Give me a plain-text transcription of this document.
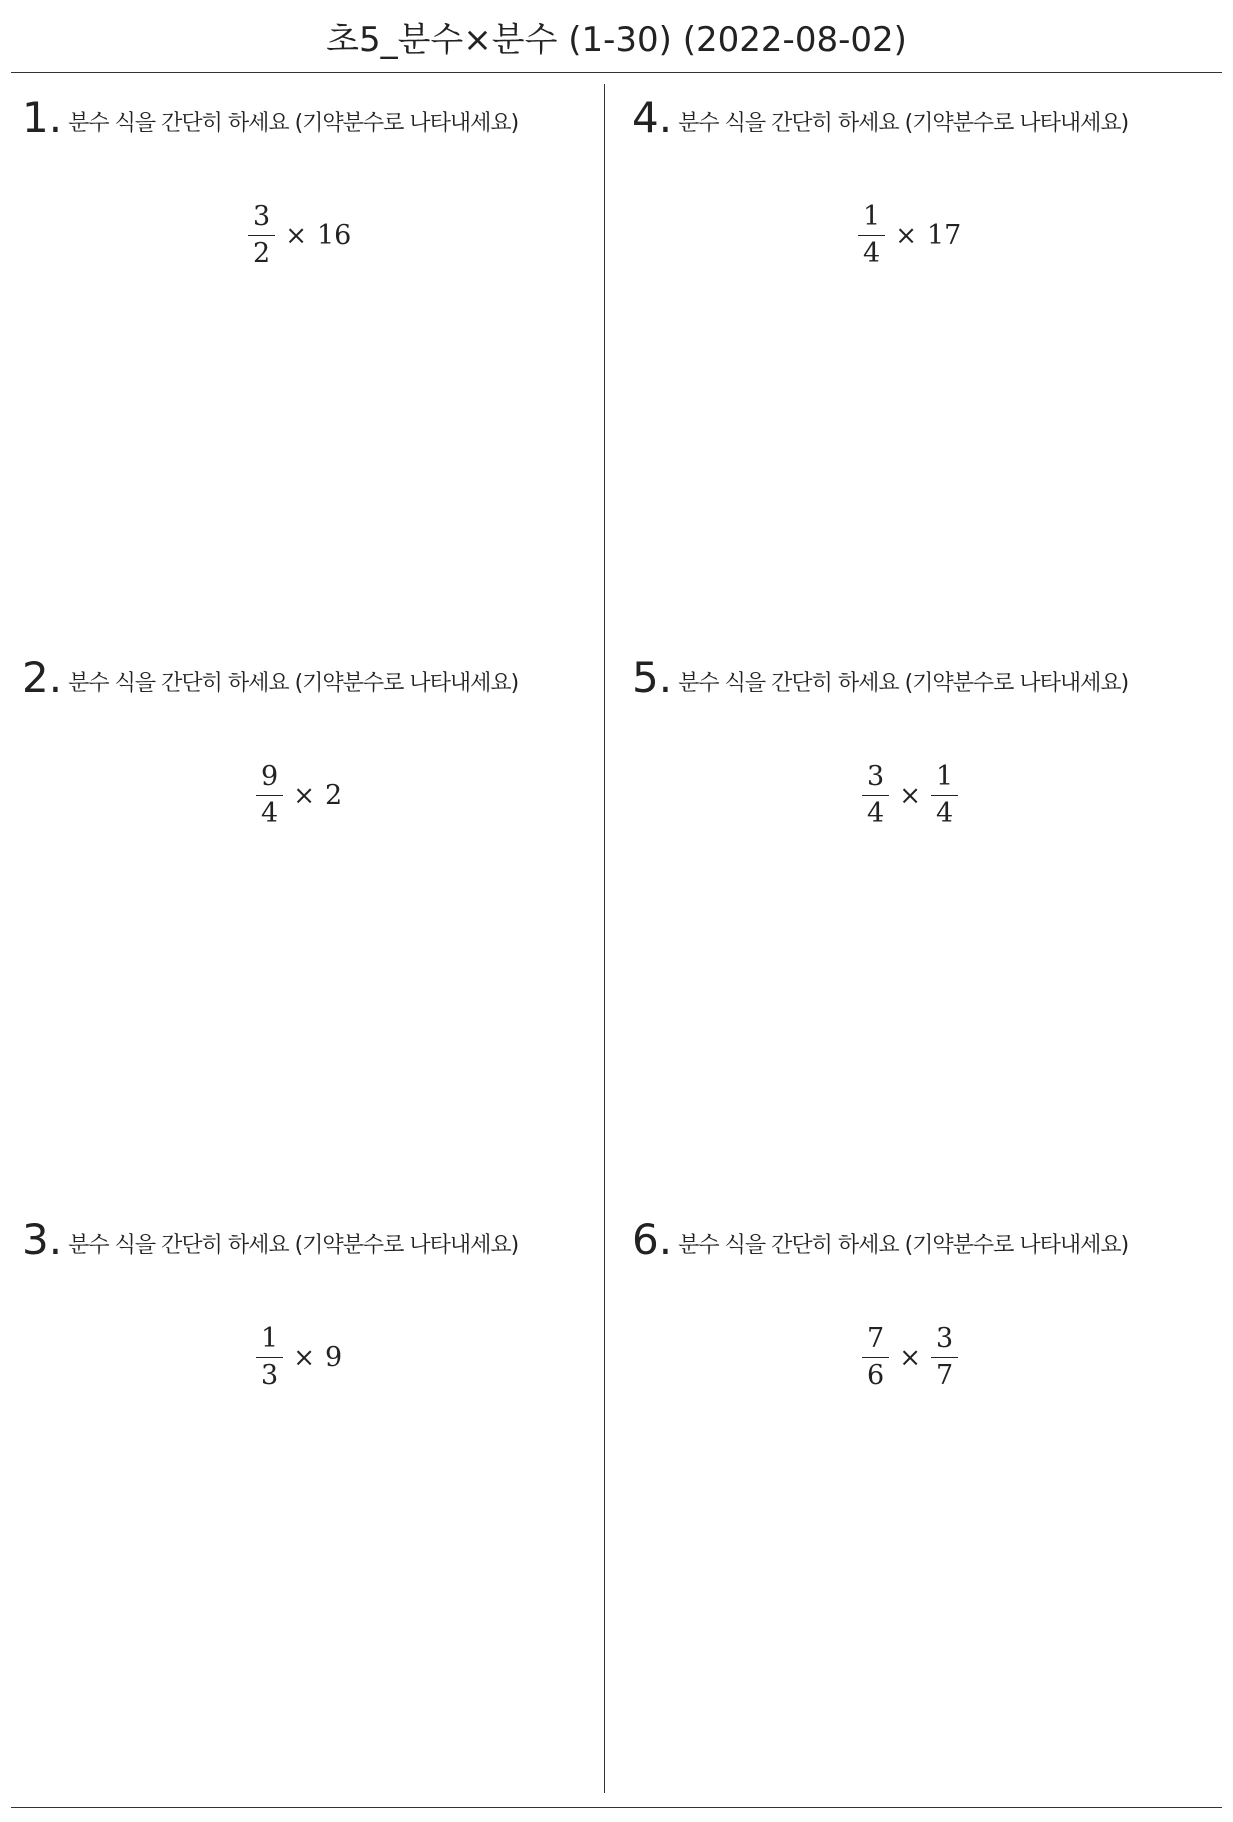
초5_분수×분수 (1-30) (2022-08-02)
1. 분수 식을 간단히 하세요 (기약분수로 나타내세요)
$\frac{3}{2} \times 16$
2. 분수 식을 간단히 하세요 (기약분수로 나타내세요)
$\frac{9}{4} \times 2$
3. 분수 식을 간단히 하세요 (기약분수로 나타내세요)
$\frac{1}{3} \times 9$
4. 분수 식을 간단히 하세요 (기약분수로 나타내세요)
$\frac{1}{4} \times 17$
5. 분수 식을 간단히 하세요 (기약분수로 나타내세요)
$\frac{3}{4} \times \frac{1}{4}$
6. 분수 식을 간단히 하세요 (기약분수로 나타내세요)
$\frac{7}{6} \times \frac{3}{7}$
